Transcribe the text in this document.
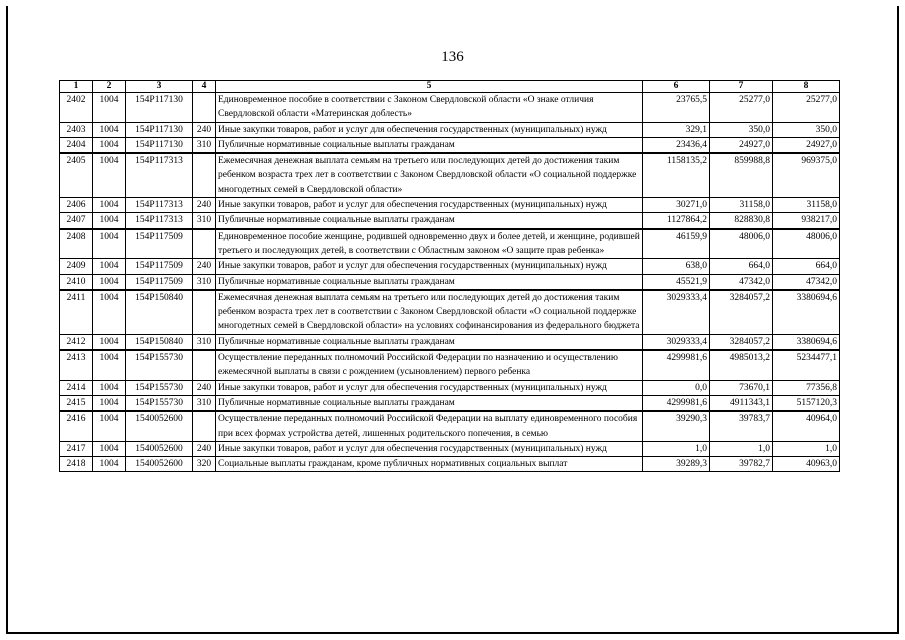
136
1	2	3	4	5	6	7	8
2402	1004	154P117130		Единовременное пособие в соответствии с Законом Свердловской области «О знаке отличия Свердловской области «Материнская доблесть»	23765,5	25277,0	25277,0
2403	1004	154P117130	240	Иные закупки товаров, работ и услуг для обеспечения государственных (муниципальных) нужд	329,1	350,0	350,0
2404	1004	154P117130	310	Публичные нормативные социальные выплаты гражданам	23436,4	24927,0	24927,0
2405	1004	154P117313		Ежемесячная денежная выплата семьям на третьего или последующих детей до достижения таким ребенком возраста трех лет в соответствии с Законом Свердловской области «О социальной поддержке многодетных семей в Свердловской области»	1158135,2	859988,8	969375,0
2406	1004	154P117313	240	Иные закупки товаров, работ и услуг для обеспечения государственных (муниципальных) нужд	30271,0	31158,0	31158,0
2407	1004	154P117313	310	Публичные нормативные социальные выплаты гражданам	1127864,2	828830,8	938217,0
2408	1004	154P117509		Единовременное пособие женщине, родившей одновременно двух и более детей, и женщине, родившей третьего и последующих детей, в соответствии с Областным законом «О защите прав ребенка»	46159,9	48006,0	48006,0
2409	1004	154P117509	240	Иные закупки товаров, работ и услуг для обеспечения государственных (муниципальных) нужд	638,0	664,0	664,0
2410	1004	154P117509	310	Публичные нормативные социальные выплаты гражданам	45521,9	47342,0	47342,0
2411	1004	154P150840		Ежемесячная денежная выплата семьям на третьего или последующих детей до достижения таким ребенком возраста трех лет в соответствии с Законом Свердловской области «О социальной поддержке многодетных семей в Свердловской области» на условиях софинансирования из федерального бюджета	3029333,4	3284057,2	3380694,6
2412	1004	154P150840	310	Публичные нормативные социальные выплаты гражданам	3029333,4	3284057,2	3380694,6
2413	1004	154P155730		Осуществление переданных полномочий Российской Федерации по назначению и осуществлению ежемесячной выплаты в связи с рождением (усыновлением) первого ребенка	4299981,6	4985013,2	5234477,1
2414	1004	154P155730	240	Иные закупки товаров, работ и услуг для обеспечения государственных (муниципальных) нужд	0,0	73670,1	77356,8
2415	1004	154P155730	310	Публичные нормативные социальные выплаты гражданам	4299981,6	4911343,1	5157120,3
2416	1004	1540052600		Осуществление переданных полномочий Российской Федерации на выплату единовременного пособия при всех формах устройства детей, лишенных родительского попечения, в семью	39290,3	39783,7	40964,0
2417	1004	1540052600	240	Иные закупки товаров, работ и услуг для обеспечения государственных (муниципальных) нужд	1,0	1,0	1,0
2418	1004	1540052600	320	Социальные выплаты гражданам, кроме публичных нормативных социальных выплат	39289,3	39782,7	40963,0
